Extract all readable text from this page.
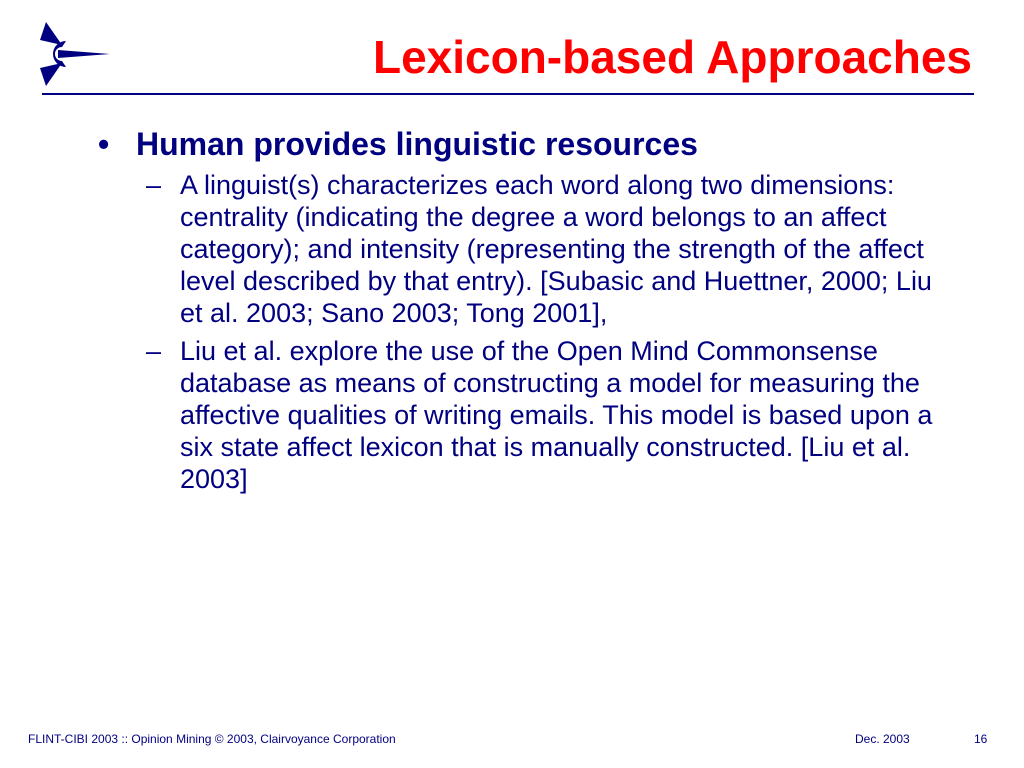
Lexicon-based Approaches
• Human provides linguistic resources
– A linguist(s) characterizes each word along two dimensions: centrality (indicating the degree a word belongs to an affect category); and intensity (representing the strength of the affect level described by that entry). [Subasic and Huettner, 2000; Liu et al. 2003; Sano 2003; Tong 2001],
– Liu et al. explore the use of the Open Mind Commonsense database as means of constructing a model for measuring the affective qualities of writing emails. This model is based upon a six state affect lexicon that is manually constructed. [Liu et al. 2003]
FLINT-CIBI 2003 :: Opinion Mining © 2003, Clairvoyance Corporation	Dec. 2003	16
